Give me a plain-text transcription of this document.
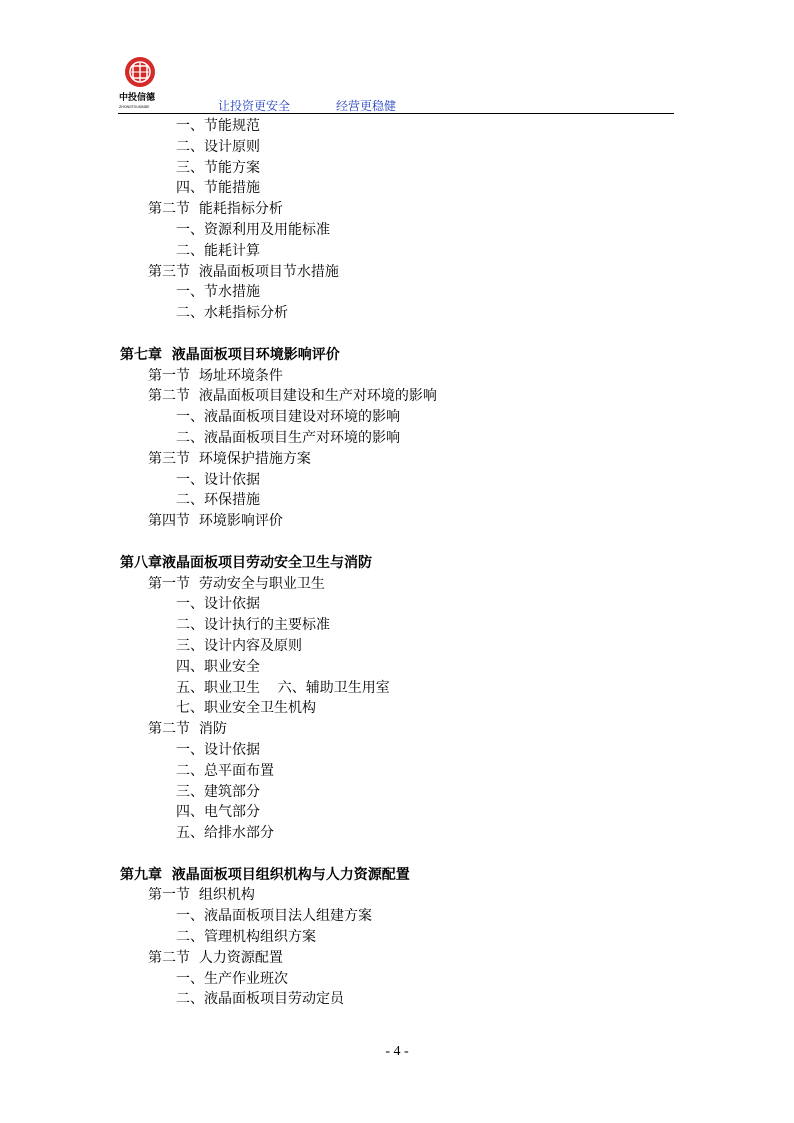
中投信德
ZHONGTOUXINDE	让投资更安全	经营更稳健
一、节能规范
二、设计原则
三、节能方案
四、节能措施
第二节  能耗指标分析
一、资源利用及用能标准
二、能耗计算
第三节  液晶面板项目节水措施
一、节水措施
二、水耗指标分析
第七章  液晶面板项目环境影响评价
第一节  场址环境条件
第二节  液晶面板项目建设和生产对环境的影响
一、液晶面板项目建设对环境的影响
二、液晶面板项目生产对环境的影响
第三节  环境保护措施方案
一、设计依据
二、环保措施
第四节  环境影响评价
第八章液晶面板项目劳动安全卫生与消防
第一节  劳动安全与职业卫生
一、设计依据
二、设计执行的主要标准
三、设计内容及原则
四、职业安全
五、职业卫生    六、辅助卫生用室
七、职业安全卫生机构
第二节  消防
一、设计依据
二、总平面布置
三、建筑部分
四、电气部分
五、给排水部分
第九章  液晶面板项目组织机构与人力资源配置
第一节  组织机构
一、液晶面板项目法人组建方案
二、管理机构组织方案
第二节  人力资源配置
一、生产作业班次
二、液晶面板项目劳动定员
- 4 -
